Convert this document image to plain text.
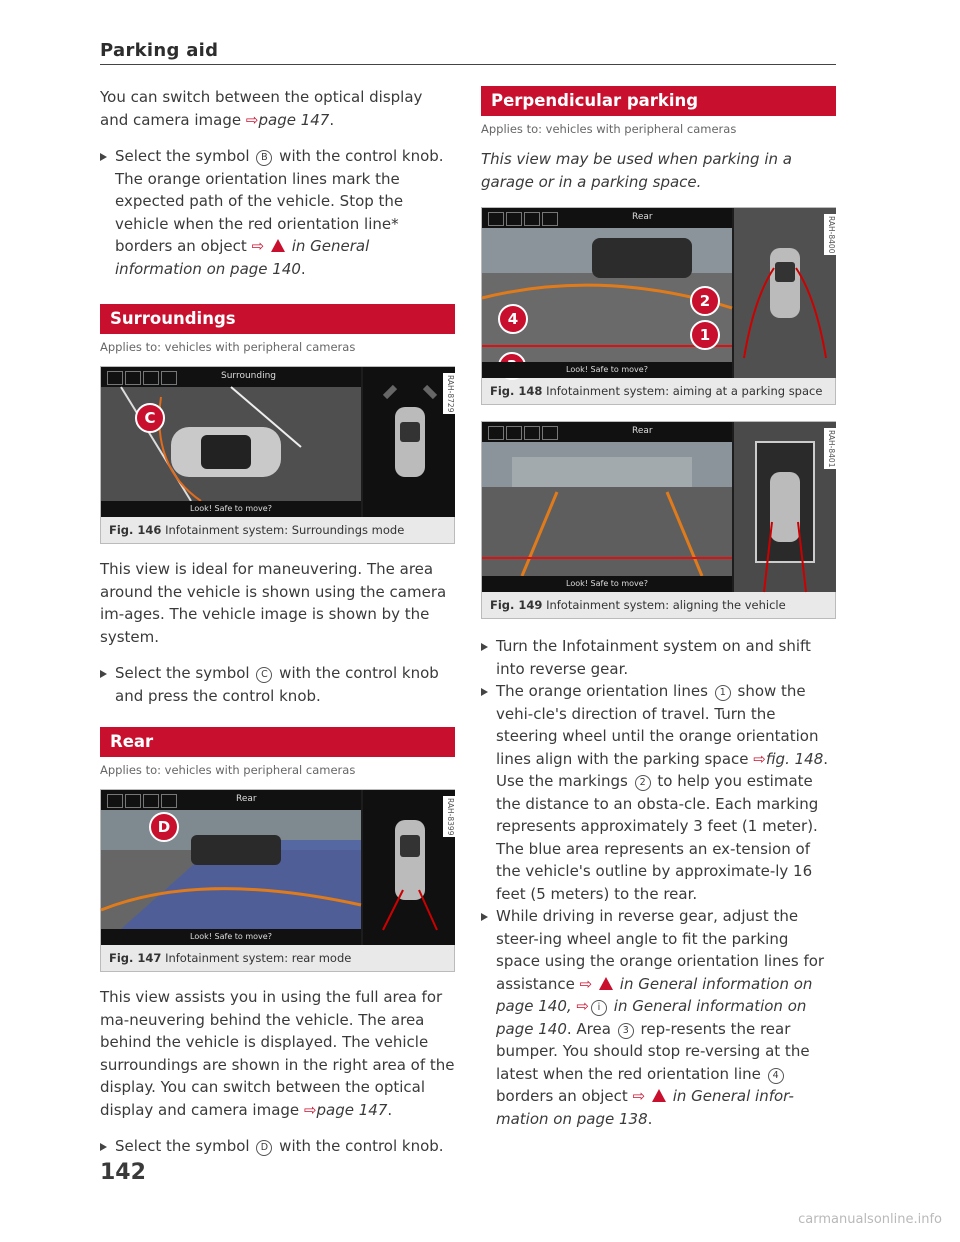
Parking aid

You can switch between the optical display and camera image ⇨page 147.

Select the symbol B with the control knob. The orange orientation lines mark the expected path of the vehicle. Stop the vehicle when the red orientation line* borders an object ⇨ in General information on page 140.

Surroundings
Applies to: vehicles with peripheral cameras
Surrounding
C
RAH-8729
Look! Safe to move?
Fig. 146 Infotainment system: Surroundings mode

This view is ideal for maneuvering. The area around the vehicle is shown using the camera im-ages. The vehicle image is shown by the system.

Select the symbol C with the control knob and press the control knob.

Rear
Applies to: vehicles with peripheral cameras
Rear
D	RAH-8399
Look! Safe to move?
Fig. 147 Infotainment system: rear mode

This view assists you in using the full area for ma-neuvering behind the vehicle. The area behind the vehicle is displayed. The vehicle surroundings are shown in the right area of the display. You can switch between the optical display and camera image ⇨page 147.

Select the symbol D with the control knob.

Perpendicular parking
Applies to: vehicles with peripheral cameras

This view may be used when parking in a garage or in a parking space.

Rear
2
1
4
RAH-8400
Look! Safe to move?
Fig. 148 Infotainment system: aiming at a parking space
Rear	RAH-8401
Look! Safe to move?
Fig. 149 Infotainment system: aligning the vehicle

Turn the Infotainment system on and shift into reverse gear.

The orange orientation lines 1 show the vehi-cle's direction of travel. Turn the steering wheel until the orange orientation lines align with the parking space ⇨fig. 148. Use the markings 2 to help you estimate the distance to an obsta-cle. Each marking represents approximately 3 feet (1 meter). The blue area represents an ex-tension of the vehicle's outline by approximate-ly 16 feet (5 meters) to the rear.

While driving in reverse gear, adjust the steer-ing wheel angle to fit the parking space using the orange orientation lines for assistance ⇨ in General information on page 140, ⇨ i in General information on page 140. Area 3 rep-resents the rear bumper. You should stop re-versing at the latest when the red orientation line 4 borders an object ⇨ in General infor-mation on page 138.

142
carmanualsonline.info
